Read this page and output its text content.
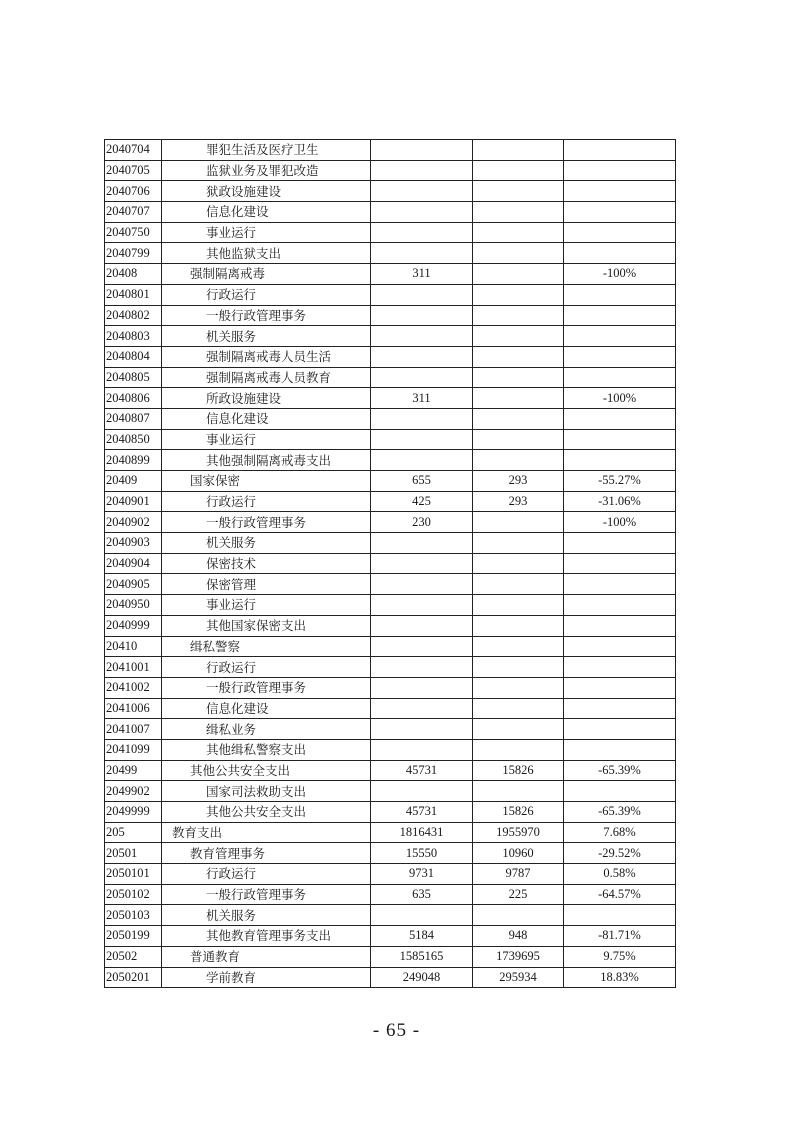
2040704	罪犯生活及医疗卫生			
2040705	监狱业务及罪犯改造			
2040706	狱政设施建设			
2040707	信息化建设			
2040750	事业运行			
2040799	其他监狱支出			
20408	强制隔离戒毒	311		-100%
2040801	行政运行			
2040802	一般行政管理事务			
2040803	机关服务			
2040804	强制隔离戒毒人员生活			
2040805	强制隔离戒毒人员教育			
2040806	所政设施建设	311		-100%
2040807	信息化建设			
2040850	事业运行			
2040899	其他强制隔离戒毒支出			
20409	国家保密	655	293	-55.27%
2040901	行政运行	425	293	-31.06%
2040902	一般行政管理事务	230		-100%
2040903	机关服务			
2040904	保密技术			
2040905	保密管理			
2040950	事业运行			
2040999	其他国家保密支出			
20410	缉私警察			
2041001	行政运行			
2041002	一般行政管理事务			
2041006	信息化建设			
2041007	缉私业务			
2041099	其他缉私警察支出			
20499	其他公共安全支出	45731	15826	-65.39%
2049902	国家司法救助支出			
2049999	其他公共安全支出	45731	15826	-65.39%
205	教育支出	1816431	1955970	7.68%
20501	教育管理事务	15550	10960	-29.52%
2050101	行政运行	9731	9787	0.58%
2050102	一般行政管理事务	635	225	-64.57%
2050103	机关服务			
2050199	其他教育管理事务支出	5184	948	-81.71%
20502	普通教育	1585165	1739695	9.75%
2050201	学前教育	249048	295934	18.83%
- 65 -
